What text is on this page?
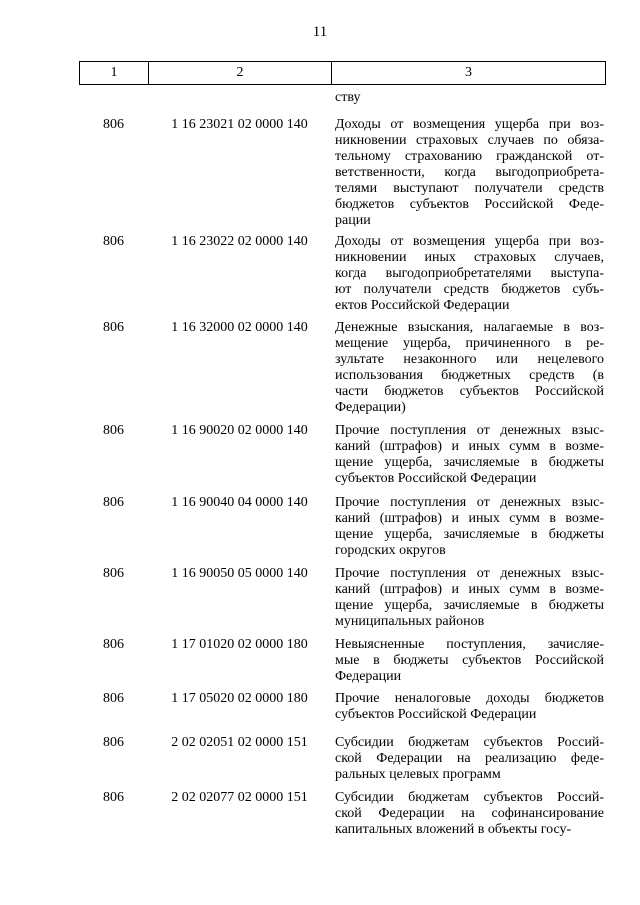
11
1	2	3
ству
806	1 16 23021 02 0000 140	Доходы от возмещения ущерба при воз-
никновении страховых случаев по обяза-
тельному страхованию гражданской от-
ветственности, когда выгодоприобрета-
телями выступают получатели средств
бюджетов субъектов Российской Феде-
рации
806	1 16 23022 02 0000 140	Доходы от возмещения ущерба при воз-
никновении иных страховых случаев,
когда выгодоприобретателями выступа-
ют получатели средств бюджетов субъ-
ектов Российской Федерации
806	1 16 32000 02 0000 140	Денежные взыскания, налагаемые в воз-
мещение ущерба, причиненного в ре-
зультате незаконного или нецелевого
использования бюджетных средств (в
части бюджетов субъектов Российской
Федерации)
806	1 16 90020 02 0000 140	Прочие поступления от денежных взыс-
каний (штрафов) и иных сумм в возме-
щение ущерба, зачисляемые в бюджеты
субъектов Российской Федерации
806	1 16 90040 04 0000 140	Прочие поступления от денежных взыс-
каний (штрафов) и иных сумм в возме-
щение ущерба, зачисляемые в бюджеты
городских округов
806	1 16 90050 05 0000 140	Прочие поступления от денежных взыс-
каний (штрафов) и иных сумм в возме-
щение ущерба, зачисляемые в бюджеты
муниципальных районов
806	1 17 01020 02 0000 180	Невыясненные поступления, зачисляе-
мые в бюджеты субъектов Российской
Федерации
806	1 17 05020 02 0000 180	Прочие неналоговые доходы бюджетов
субъектов Российской Федерации
806	2 02 02051 02 0000 151	Субсидии бюджетам субъектов Россий-
ской Федерации на реализацию феде-
ральных целевых программ
806	2 02 02077 02 0000 151	Субсидии бюджетам субъектов Россий-
ской Федерации на софинансирование
капитальных вложений в объекты госу-
